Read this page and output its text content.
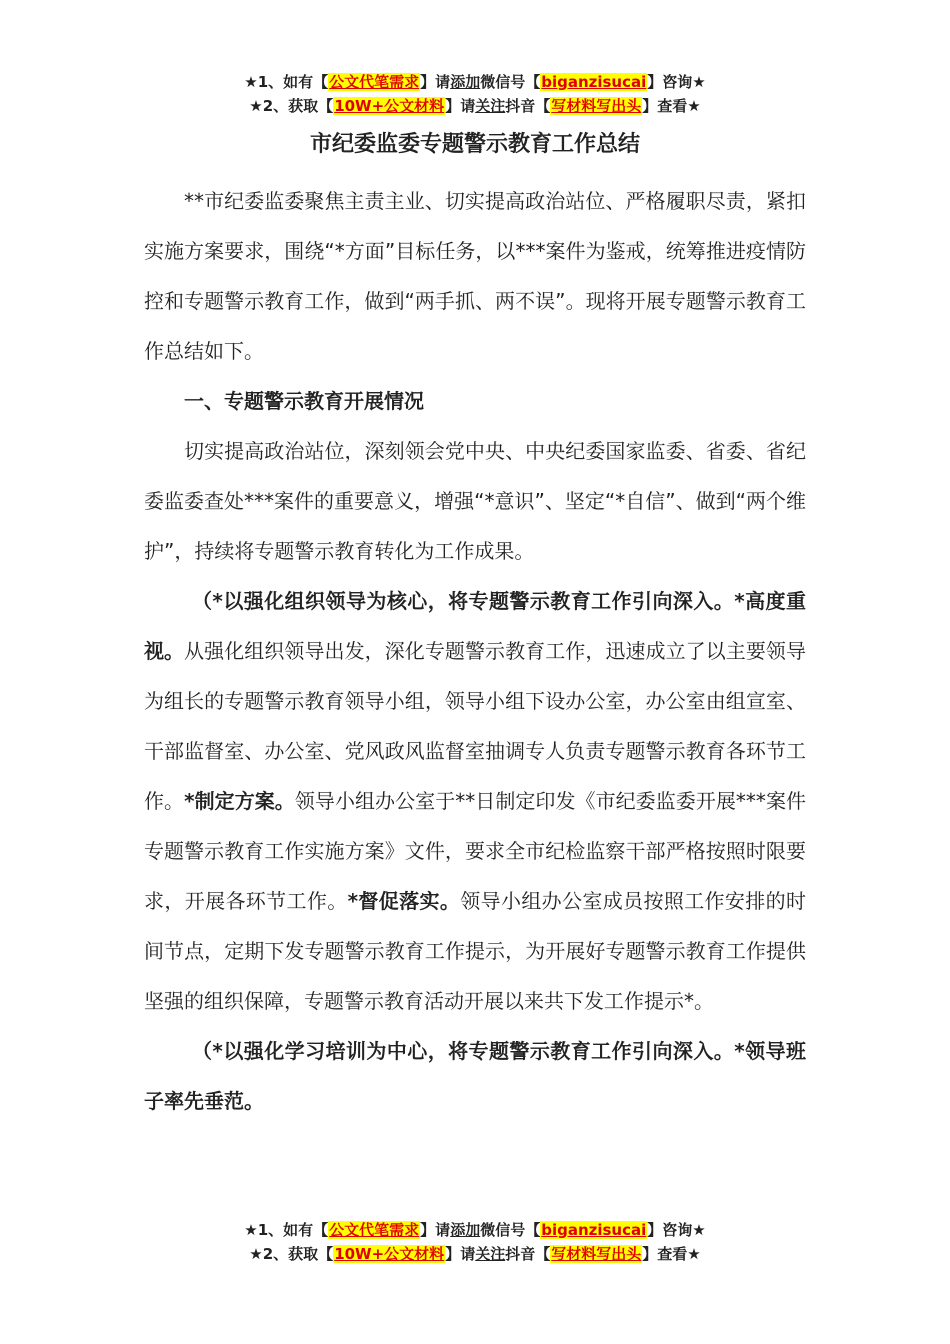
★1、如有【公文代笔需求】请添加微信号【biganzisucai】咨询★
★2、获取【10W+公文材料】请关注抖音【写材料写出头】查看★
市纪委监委专题警示教育工作总结

**市纪委监委聚焦主责主业、切实提高政治站位、严格履职尽责，紧扣实施方案要求，围绕“*方面”目标任务，以***案件为鉴戒，统筹推进疫情防控和专题警示教育工作，做到“两手抓、两不误”。现将开展专题警示教育工作总结如下。

一、专题警示教育开展情况

切实提高政治站位，深刻领会党中央、中央纪委国家监委、省委、省纪委监委查处***案件的重要意义，增强“*意识”、坚定“*自信”、做到“两个维护”，持续将专题警示教育转化为工作成果。

（*以强化组织领导为核心，将专题警示教育工作引向深入。*高度重视。从强化组织领导出发，深化专题警示教育工作，迅速成立了以主要领导为组长的专题警示教育领导小组，领导小组下设办公室，办公室由组宣室、干部监督室、办公室、党风政风监督室抽调专人负责专题警示教育各环节工作。*制定方案。领导小组办公室于**日制定印发《市纪委监委开展***案件专题警示教育工作实施方案》文件，要求全市纪检监察干部严格按照时限要求，开展各环节工作。*督促落实。领导小组办公室成员按照工作安排的时间节点，定期下发专题警示教育工作提示，为开展好专题警示教育工作提供坚强的组织保障，专题警示教育活动开展以来共下发工作提示*。

（*以强化学习培训为中心，将专题警示教育工作引向深入。*领导班子率先垂范。

★1、如有【公文代笔需求】请添加微信号【biganzisucai】咨询★
★2、获取【10W+公文材料】请关注抖音【写材料写出头】查看★
